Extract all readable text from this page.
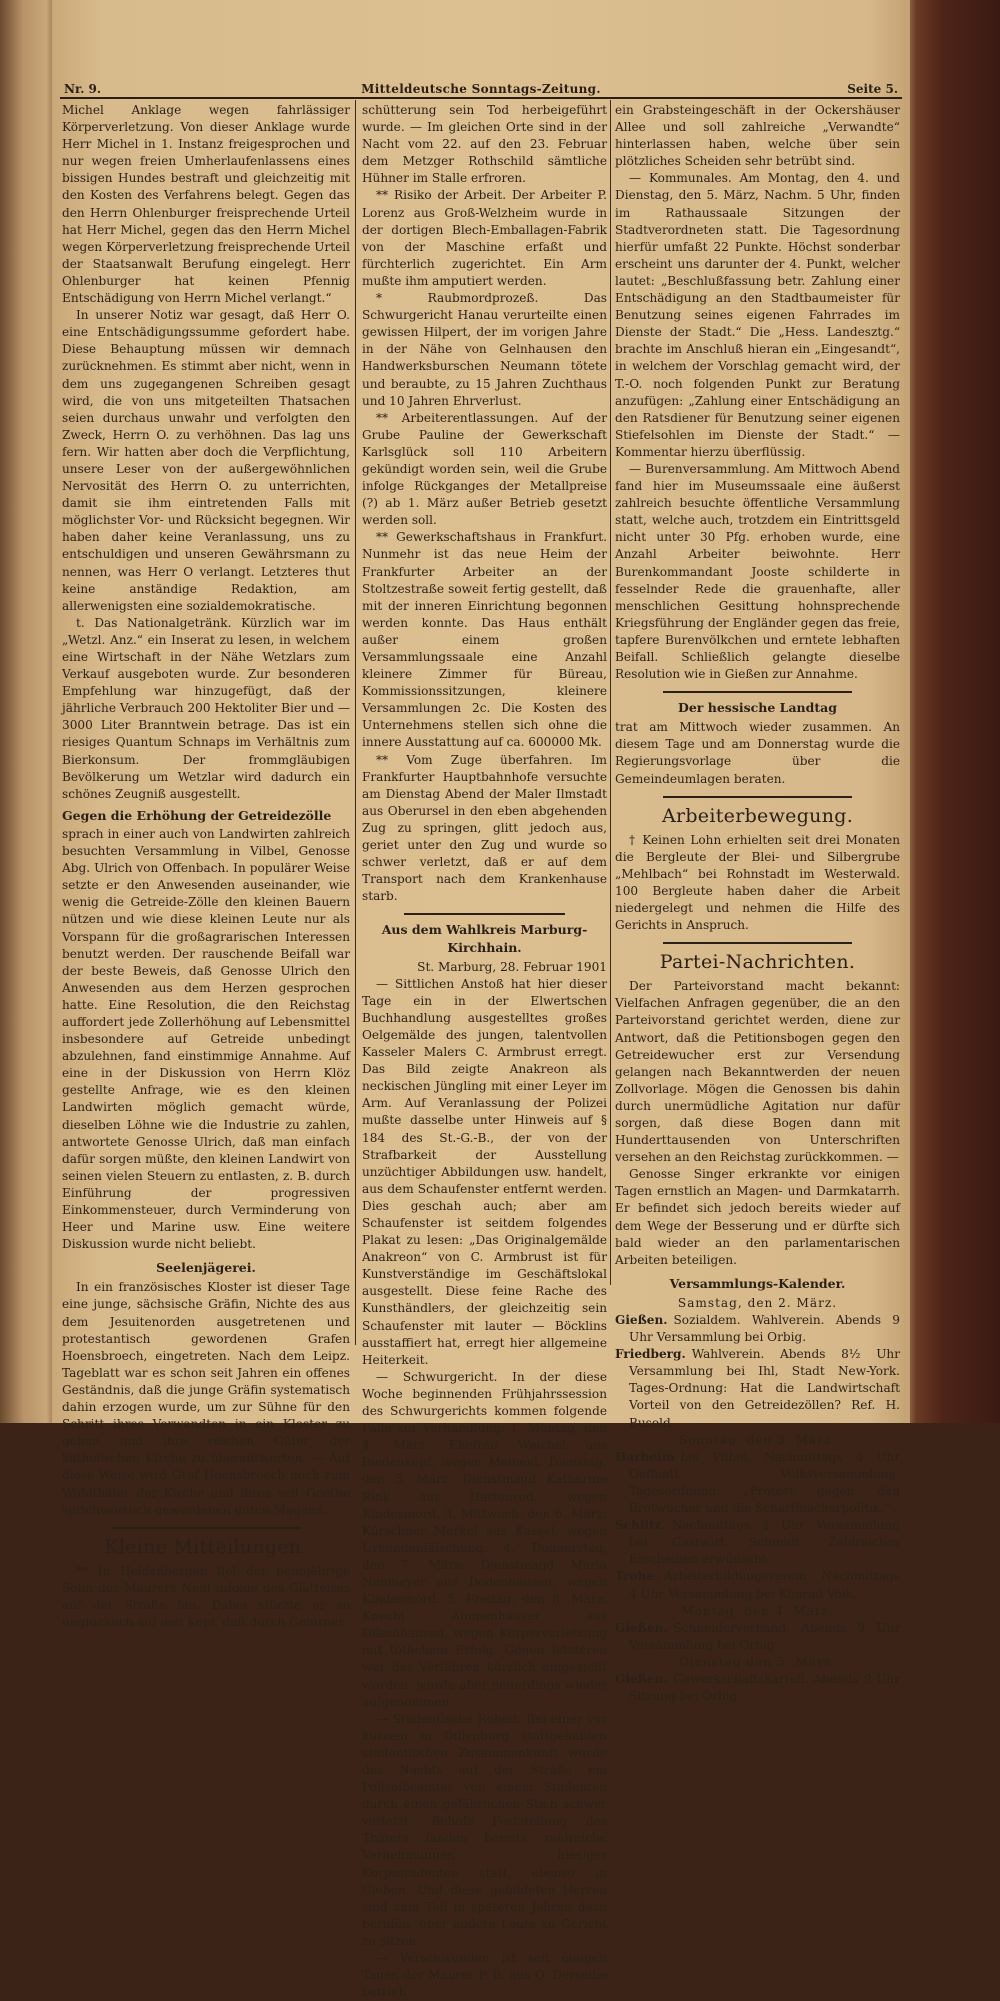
Nr. 9.	Mitteldeutsche Sonntags-Zeitung.	Seite 5.

Michel Anklage wegen fahrlässiger Körperverletzung. Von dieser Anklage wurde Herr Michel in 1. Instanz freigesprochen und nur wegen freien Umherlaufenlassens eines bissigen Hundes bestraft und gleichzeitig mit den Kosten des Verfahrens belegt. Gegen das den Herrn Ohlenburger freisprechende Urteil hat Herr Michel, gegen das den Herrn Michel wegen Körperverletzung freisprechende Urteil der Staatsanwalt Berufung eingelegt. Herr Ohlenburger hat keinen Pfennig Entschädigung von Herrn Michel verlangt.“

In unserer Notiz war gesagt, daß Herr O. eine Entschädigungssumme gefordert habe. Diese Behauptung müssen wir demnach zurücknehmen. Es stimmt aber nicht, wenn in dem uns zugegangenen Schreiben gesagt wird, die von uns mitgeteilten Thatsachen seien durchaus unwahr und verfolgten den Zweck, Herrn O. zu verhöhnen. Das lag uns fern. Wir hatten aber doch die Verpflichtung, unsere Leser von der außergewöhnlichen Nervosität des Herrn O. zu unterrichten, damit sie ihm eintretenden Falls mit möglichster Vor- und Rücksicht begegnen. Wir haben daher keine Veranlassung, uns zu entschuldigen und unseren Gewährsmann zu nennen, was Herr O verlangt. Letzteres thut keine anständige Redaktion, am allerwenigsten eine sozialdemokratische.

t. Das Nationalgetränk. Kürzlich war im „Wetzl. Anz.“ ein Inserat zu lesen, in welchem eine Wirtschaft in der Nähe Wetzlars zum Verkauf ausgeboten wurde. Zur besonderen Empfehlung war hinzugefügt, daß der jährliche Verbrauch 200 Hektoliter Bier und — 3000 Liter Branntwein betrage. Das ist ein riesiges Quantum Schnaps im Verhältnis zum Bierkonsum. Der frommgläubigen Bevölkerung um Wetzlar wird dadurch ein schönes Zeugniß ausgestellt.

Gegen die Erhöhung der Getreidezölle

sprach in einer auch von Landwirten zahlreich besuchten Versammlung in Vilbel, Genosse Abg. Ulrich von Offenbach. In populärer Weise setzte er den Anwesenden auseinander, wie wenig die Getreide-Zölle den kleinen Bauern nützen und wie diese kleinen Leute nur als Vorspann für die großagrarischen Interessen benutzt werden. Der rauschende Beifall war der beste Beweis, daß Genosse Ulrich den Anwesenden aus dem Herzen gesprochen hatte. Eine Resolution, die den Reichstag auffordert jede Zollerhöhung auf Lebensmittel insbesondere auf Getreide unbedingt abzulehnen, fand einstimmige Annahme. Auf eine in der Diskussion von Herrn Klöz gestellte Anfrage, wie es den kleinen Landwirten möglich gemacht würde, dieselben Löhne wie die Industrie zu zahlen, antwortete Genosse Ulrich, daß man einfach dafür sorgen müßte, den kleinen Landwirt von seinen vielen Steuern zu entlasten, z. B. durch Einführung der progressiven Einkommensteuer, durch Verminderung von Heer und Marine usw. Eine weitere Diskussion wurde nicht beliebt.

Seelenjägerei.

In ein französisches Kloster ist dieser Tage eine junge, sächsische Gräfin, Nichte des aus dem Jesuitenorden ausgetretenen und protestantisch gewordenen Grafen Hoensbroech, eingetreten. Nach dem Leipz. Tageblatt war es schon seit Jahren ein offenes Geständnis, daß die junge Gräfin systematisch dahin erzogen wurde, um zur Sühne für den Schritt ihres Verwandten in ein Kloster zu gehen und ihre reichen Güter der katholischen Kirche zu überantworten. — Auf diese Weise wird Graf Hoensbroech noch zum Wohlthäter der Kirche und ihres seit Goethe sprichwörtlich gewordenen guten Magens.

Kleine Mitteilungen.

** In Heldenbergen fiel der neunjährige Sohn des Maurers Neul infolge des Glatteises auf der Straße hin. Dabei stürzte er so unglücklich auf den Kopf, daß durch Gehirner-

schütterung sein Tod herbeigeführt wurde. — Im gleichen Orte sind in der Nacht vom 22. auf den 23. Februar dem Metzger Rothschild sämtliche Hühner im Stalle erfroren.

** Risiko der Arbeit. Der Arbeiter P. Lorenz aus Groß-Welzheim wurde in der dortigen Blech-Emballagen-Fabrik von der Maschine erfaßt und fürchterlich zugerichtet. Ein Arm mußte ihm amputiert werden.

* Raubmordprozeß. Das Schwurgericht Hanau verurteilte einen gewissen Hilpert, der im vorigen Jahre in der Nähe von Gelnhausen den Handwerksburschen Neumann tötete und beraubte, zu 15 Jahren Zuchthaus und 10 Jahren Ehrverlust.

** Arbeiterentlassungen. Auf der Grube Pauline der Gewerkschaft Karlsglück soll 110 Arbeitern gekündigt worden sein, weil die Grube infolge Rückganges der Metallpreise (?) ab 1. März außer Betrieb gesetzt werden soll.

** Gewerkschaftshaus in Frankfurt. Nunmehr ist das neue Heim der Frankfurter Arbeiter an der Stoltzestraße soweit fertig gestellt, daß mit der inneren Einrichtung begonnen werden konnte. Das Haus enthält außer einem großen Versammlungssaale eine Anzahl kleinere Zimmer für Büreau, Kommissionssitzungen, kleinere Versammlungen 2c. Die Kosten des Unternehmens stellen sich ohne die innere Ausstattung auf ca. 600000 Mk.

** Vom Zuge überfahren. Im Frankfurter Hauptbahnhofe versuchte am Dienstag Abend der Maler Ilmstadt aus Oberursel in den eben abgehenden Zug zu springen, glitt jedoch aus, geriet unter den Zug und wurde so schwer verletzt, daß er auf dem Transport nach dem Krankenhause starb.

Aus dem Wahlkreis Marburg-Kirchhain.

St. Marburg, 28. Februar 1901

— Sittlichen Anstoß hat hier dieser Tage ein in der Elwertschen Buchhandlung ausgestelltes großes Oelgemälde des jungen, talentvollen Kasseler Malers C. Armbrust erregt. Das Bild zeigte Anakreon als neckischen Jüngling mit einer Leyer im Arm. Auf Veranlassung der Polizei mußte dasselbe unter Hinweis auf § 184 des St.-G.-B., der von der Strafbarkeit der Ausstellung unzüchtiger Abbildungen usw. handelt, aus dem Schaufenster entfernt werden. Dies geschah auch; aber am Schaufenster ist seitdem folgendes Plakat zu lesen: „Das Originalgemälde Anakreon“ von C. Armbrust ist für Kunstverständige im Geschäftslokal ausgestellt. Diese feine Rache des Kunsthändlers, der gleichzeitig sein Schaufenster mit lauter — Böcklins ausstaffiert hat, erregt hier allgemeine Heiterkeit.

— Schwurgericht. In der diese Woche beginnenden Frühjahrssession des Schwurgerichts kommen folgende Fälle zur Verhandlung: 1. Montag, den 4. März: Ehefrau Weichel aus Biedenkopf, wegen Meineid. Dienstag, den 5. März: Dienstmagd Katharine Rink aus Hartenrod, wegen Kindesmord. 3. Mittwoch, den 6. März: Kürschner Merkel aus Kassel, wegen Urkundenfälschung. 4. Donnerstag, den 7. März: Dienstmagd Maria Neumeyer aus Dodenhausen, wegen Kindesmord. 5. Freitag, den 8. März: Knecht Ammenhäuser aus Dilschhausen, wegen Körperverletzung mit tötlichem Erfolg. Gegen letzteren war das Verfahren kürzlich eingestellt worden, wurde aber neuerdings wieder aufgenommen.

— Studentische Roheit. Bei einer vor kurzem in Dillenburg stattgehabten studentischen Zusammenkunft wurde des Nachts auf der Straße ein Polizeibeamter von einem Studenten durch einen gefährlichen Stich schwer verletzt. Behufs Feststellung des Thäters fanden bereits zahlreiche Vernehmungen hiesiger Korpsstudenten statt, ebenso in Gießen. Und diese gebildeten Herren sind zum Teil in späteren Jahren dazu berufen, über andere Leute zu Gericht zu sitzen.

— Verschwunden ist seit einigen Tagen der Maurer P. B. aus O. Derselbe betrieb

ein Grabsteingeschäft in der Ockershäuser Allee und soll zahlreiche „Verwandte“ hinterlassen haben, welche über sein plötzliches Scheiden sehr betrübt sind.

— Kommunales. Am Montag, den 4. und Dienstag, den 5. März, Nachm. 5 Uhr, finden im Rathaussaale Sitzungen der Stadtverordneten statt. Die Tagesordnung hierfür umfaßt 22 Punkte. Höchst sonderbar erscheint uns darunter der 4. Punkt, welcher lautet: „Beschlußfassung betr. Zahlung einer Entschädigung an den Stadtbaumeister für Benutzung seines eigenen Fahrrades im Dienste der Stadt.“ Die „Hess. Landesztg.“ brachte im Anschluß hieran ein „Eingesandt“, in welchem der Vorschlag gemacht wird, der T.-O. noch folgenden Punkt zur Beratung anzufügen: „Zahlung einer Entschädigung an den Ratsdiener für Benutzung seiner eigenen Stiefelsohlen im Dienste der Stadt.“ — Kommentar hierzu überflüssig.

— Burenversammlung. Am Mittwoch Abend fand hier im Museumssaale eine äußerst zahlreich besuchte öffentliche Versammlung statt, welche auch, trotzdem ein Eintrittsgeld nicht unter 30 Pfg. erhoben wurde, eine Anzahl Arbeiter beiwohnte. Herr Burenkommandant Jooste schilderte in fesselnder Rede die grauenhafte, aller menschlichen Gesittung hohnsprechende Kriegsführung der Engländer gegen das freie, tapfere Burenvölkchen und erntete lebhaften Beifall. Schließlich gelangte dieselbe Resolution wie in Gießen zur Annahme.

Der hessische Landtag

trat am Mittwoch wieder zusammen. An diesem Tage und am Donnerstag wurde die Regierungsvorlage über die Gemeindeumlagen beraten.

Arbeiterbewegung.

† Keinen Lohn erhielten seit drei Monaten die Bergleute der Blei- und Silbergrube „Mehlbach“ bei Rohnstadt im Westerwald. 100 Bergleute haben daher die Arbeit niedergelegt und nehmen die Hilfe des Gerichts in Anspruch.

Partei-Nachrichten.

Der Parteivorstand macht bekannt: Vielfachen Anfragen gegenüber, die an den Parteivorstand gerichtet werden, diene zur Antwort, daß die Petitionsbogen gegen den Getreidewucher erst zur Versendung gelangen nach Bekanntwerden der neuen Zollvorlage. Mögen die Genossen bis dahin durch unermüdliche Agitation nur dafür sorgen, daß diese Bogen dann mit Hunderttausenden von Unterschriften versehen an den Reichstag zurückkommen. —

Genosse Singer erkrankte vor einigen Tagen ernstlich an Magen- und Darmkatarrh. Er befindet sich jedoch bereits wieder auf dem Wege der Besserung und er dürfte sich bald wieder an den parlamentarischen Arbeiten beteiligen.

Versammlungs-Kalender.

Samstag, den 2. März.

Gießen. Sozialdem. Wahlverein. Abends 9 Uhr Versammlung bei Orbig.

Friedberg. Wahlverein. Abends 8½ Uhr Versammlung bei Ihl, Stadt New-York. Tages-Ordnung: Hat die Landwirtschaft Vorteil von den Getreidezöllen? Ref. H. Busold.

Sonntag, den 3. März.

Harheim bei Vilbel. Nachmittags 4 Uhr Oeffentl. Volksversammlung. Tagesordnung: „Protest gegen den Brotwucher und die Scharfmacherpolitik.“

Schlitz. Nachmittags 4 Uhr Versammlung bei Gastwirt Schmidt. Zahlreiches Erscheinen erwünscht.

Trohe. Arbeiterbildungsverein. Nachmittags 4 Uhr Versammlung bei Konrad Volk.

Montag, den 4. März.

Gießen. Schneiderverband. Abends 9 Uhr Versammlung bei Orbig.

Dienstag den 5. März.

Gießen. Gewerkschaftskartell. Abends 9 Uhr Sitzung bei Orbig.
